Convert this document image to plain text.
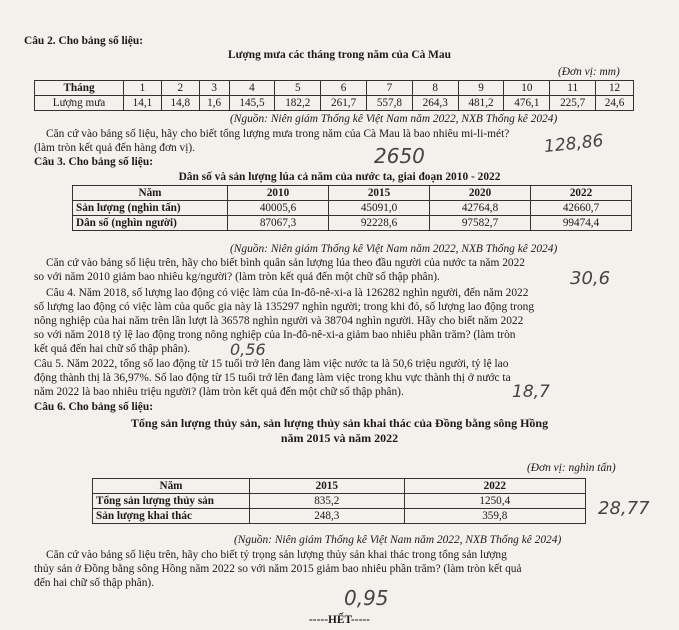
Câu 2. Cho bảng số liệu:
Lượng mưa các tháng trong năm của Cà Mau
(Đơn vị: mm)
Tháng	1	2	3	4	5	6	7	8	9	10	11	12
Lượng mưa	14,1	14,8	1,6	145,5	182,2	261,7	557,8	264,3	481,2	476,1	225,7	24,6
(Nguồn: Niên giám Thống kê Việt Nam năm 2022, NXB Thống kê 2024)
Căn cứ vào bảng số liệu, hãy cho biết tổng lượng mưa trong năm của Cà Mau là bao nhiêu mi-li-mét?
(làm tròn kết quả đến hàng đơn vị).	2650	128,86
Câu 3. Cho bảng số liệu:
Dân số và sản lượng lúa cả năm của nước ta, giai đoạn 2010 - 2022
Năm	2010	2015	2020	2022
Sản lượng (nghìn tấn)	40005,6	45091,0	42764,8	42660,7
Dân số (nghìn người)	87067,3	92228,6	97582,7	99474,4
(Nguồn: Niên giám Thống kê Việt Nam năm 2022, NXB Thống kê 2024)
Căn cứ vào bảng số liệu trên, hãy cho biết bình quân sản lượng lúa theo đầu người của nước ta năm 2022
so với năm 2010 giảm bao nhiêu kg/người? (làm tròn kết quả đến một chữ số thập phân).	30,6
Câu 4. Năm 2018, số lượng lao động có việc làm của In-đô-nê-xi-a là 126282 nghìn người, đến năm 2022
số lượng lao động có việc làm của quốc gia này là 135297 nghìn người; trong khi đó, số lượng lao động trong
nông nghiệp của hai năm trên lần lượt là 36578 nghìn người và 38704 nghìn người. Hãy cho biết năm 2022
so với năm 2018 tỷ lệ lao động trong nông nghiệp của In-đô-nê-xi-a giảm bao nhiêu phần trăm? (làm tròn
kết quả đến hai chữ số thập phân). 0,56
Câu 5. Năm 2022, tổng số lao động từ 15 tuổi trở lên đang làm việc nước ta là 50,6 triệu người, tỷ lệ lao
động thành thị là 36,97%. Số lao động từ 15 tuổi trở lên đang làm việc trong khu vực thành thị ở nước ta
năm 2022 là bao nhiêu triệu người? (làm tròn kết quả đến một chữ số thập phân).	18,7
Câu 6. Cho bảng số liệu:
Tổng sản lượng thủy sản, sản lượng thủy sản khai thác của Đồng bằng sông Hồng
năm 2015 và năm 2022
(Đơn vị: nghìn tấn)
Năm	2015	2022
Tổng sản lượng thủy sản	835,2	1250,4
Sản lượng khai thác	248,3	359,8	28,77
(Nguồn: Niên giám Thống kê Việt Nam năm 2022, NXB Thống kê 2024)
Căn cứ vào bảng số liệu trên, hãy cho biết tỷ trọng sản lượng thủy sản khai thác trong tổng sản lượng
thủy sản ở Đồng bằng sông Hồng năm 2022 so với năm 2015 giảm bao nhiêu phần trăm? (làm tròn kết quả
đến hai chữ số thập phân).
0,95
-----HẾT-----
